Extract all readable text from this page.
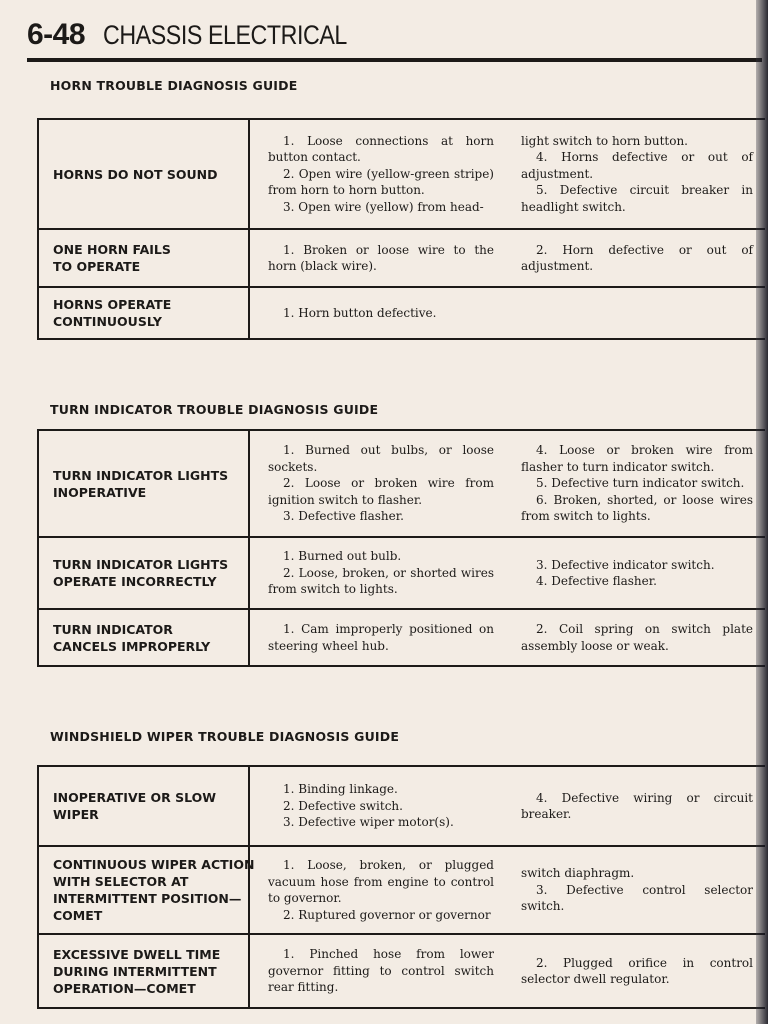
6-48 CHASSIS ELECTRICAL
HORN TROUBLE DIAGNOSIS GUIDE
HORNS DO NOT SOUND

1. Loose connections at horn button contact.

2. Open wire (yellow-green stripe) from horn to horn button.

3. Open wire (yellow) from head-

light switch to horn button.

4. Horns defective or out of adjustment.

5. Defective circuit breaker in headlight switch.

ONE HORN FAILS
TO OPERATE

1. Broken or loose wire to the horn (black wire).

2. Horn defective or out of adjustment.

HORNS OPERATE
CONTINUOUSLY

1. Horn button defective.

TURN INDICATOR TROUBLE DIAGNOSIS GUIDE
TURN INDICATOR LIGHTS
INOPERATIVE

1. Burned out bulbs, or loose sockets.

2. Loose or broken wire from ignition switch to flasher.

3. Defective flasher.

4. Loose or broken wire from flasher to turn indicator switch.

5. Defective turn indicator switch.

6. Broken, shorted, or loose wires from switch to lights.

TURN INDICATOR LIGHTS
OPERATE INCORRECTLY

1. Burned out bulb.

2. Loose, broken, or shorted wires from switch to lights.

3. Defective indicator switch.

4. Defective flasher.

TURN INDICATOR
CANCELS IMPROPERLY

1. Cam improperly positioned on steering wheel hub.

2. Coil spring on switch plate assembly loose or weak.

WINDSHIELD WIPER TROUBLE DIAGNOSIS GUIDE
INOPERATIVE OR SLOW
WIPER

1. Binding linkage.

2. Defective switch.

3. Defective wiper motor(s).

4. Defective wiring or circuit breaker.

CONTINUOUS WIPER ACTION
WITH SELECTOR AT
INTERMITTENT POSITION—
COMET

1. Loose, broken, or plugged vacuum hose from engine to control to governor.

2. Ruptured governor or governor

switch diaphragm.

3. Defective control selector switch.

EXCESSIVE DWELL TIME
DURING INTERMITTENT
OPERATION—COMET

1. Pinched hose from lower governor fitting to control switch rear fitting.

2. Plugged orifice in control selector dwell regulator.
